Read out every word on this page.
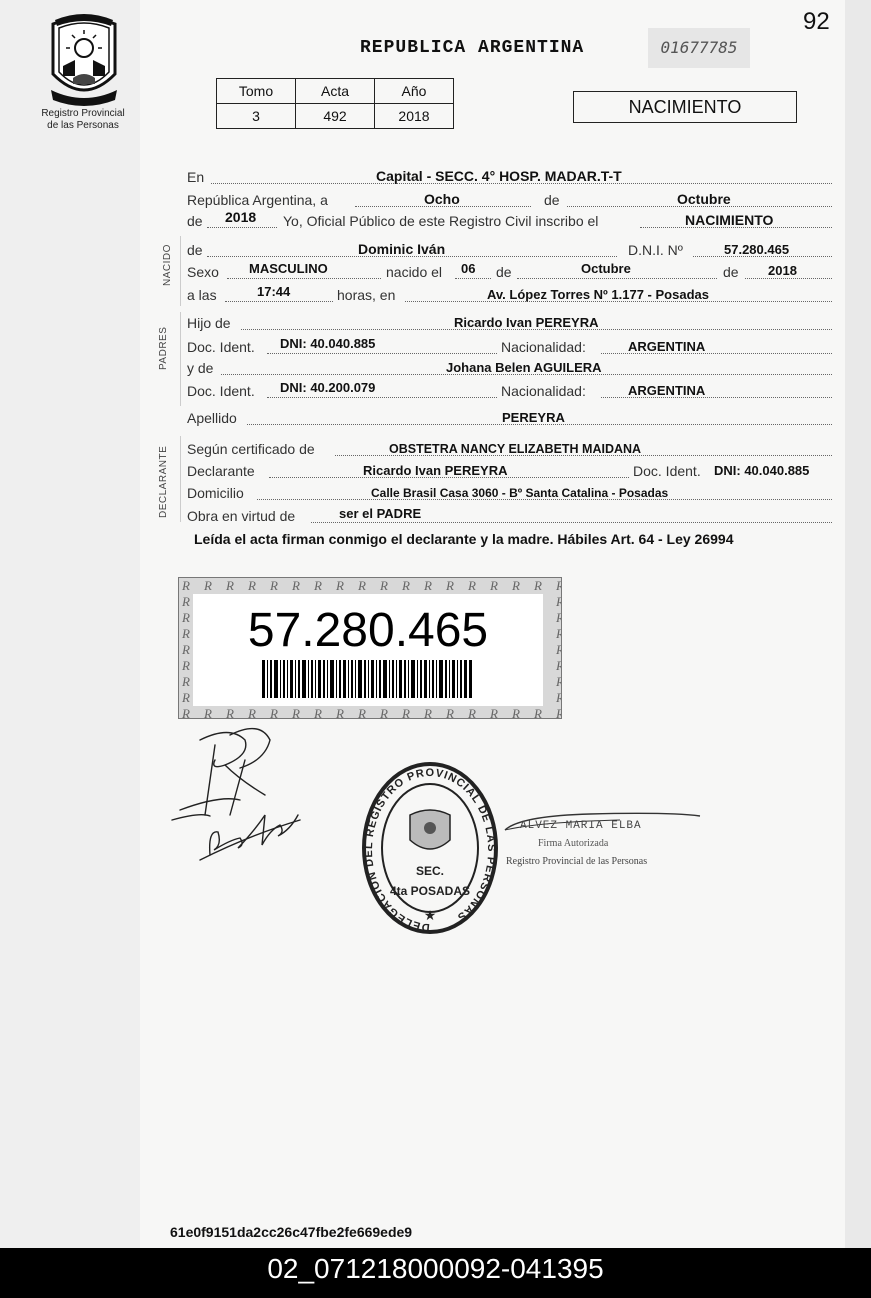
92
Registro Provincial
de las Personas
REPUBLICA ARGENTINA	01677785
Tomo	Acta	Año
3	492	2018	NACIMIENTO
NACIDO
PADRES
DECLARANTE
En	Capital - SECC. 4° HOSP. MADAR.T-T
República Argentina, a	Ocho	de	Octubre
de 2018 Yo, Oficial Público de este Registro Civil inscribo el	NACIMIENTO
de	Dominic Iván	D.N.I. Nº	57.280.465
Sexo MASCULINO	nacido el 06 de	Octubre	de 2018
a las	17:44	horas, en	Av. López Torres Nº 1.177 - Posadas
Hijo de	Ricardo Ivan PEREYRA
Doc. Ident. DNI: 40.040.885	Nacionalidad:	ARGENTINA
y de	Johana Belen AGUILERA
Doc. Ident. DNI: 40.200.079	Nacionalidad:	ARGENTINA
Apellido	PEREYRA
Según certificado de	OBSTETRA NANCY ELIZABETH MAIDANA
Declarante	Ricardo Ivan PEREYRA	Doc. Ident. DNI: 40.040.885
Domicilio	Calle Brasil Casa 3060 - Bº Santa Catalina - Posadas
Obra en virtud de	ser el PADRE
Leída el acta firman conmigo el declarante y la madre. Hábiles Art. 64 - Ley 26994
57.280.465
DELEGACION DEL REGISTRO PROVINCIAL DE LAS PERSONAS
SEC.
4ta POSADAS
★
ALVEZ MARIA ELBA
Firma Autorizada
Registro Provincial de las Personas
61e0f9151da2cc26c47fbe2fe669ede9
02_071218000092-041395
